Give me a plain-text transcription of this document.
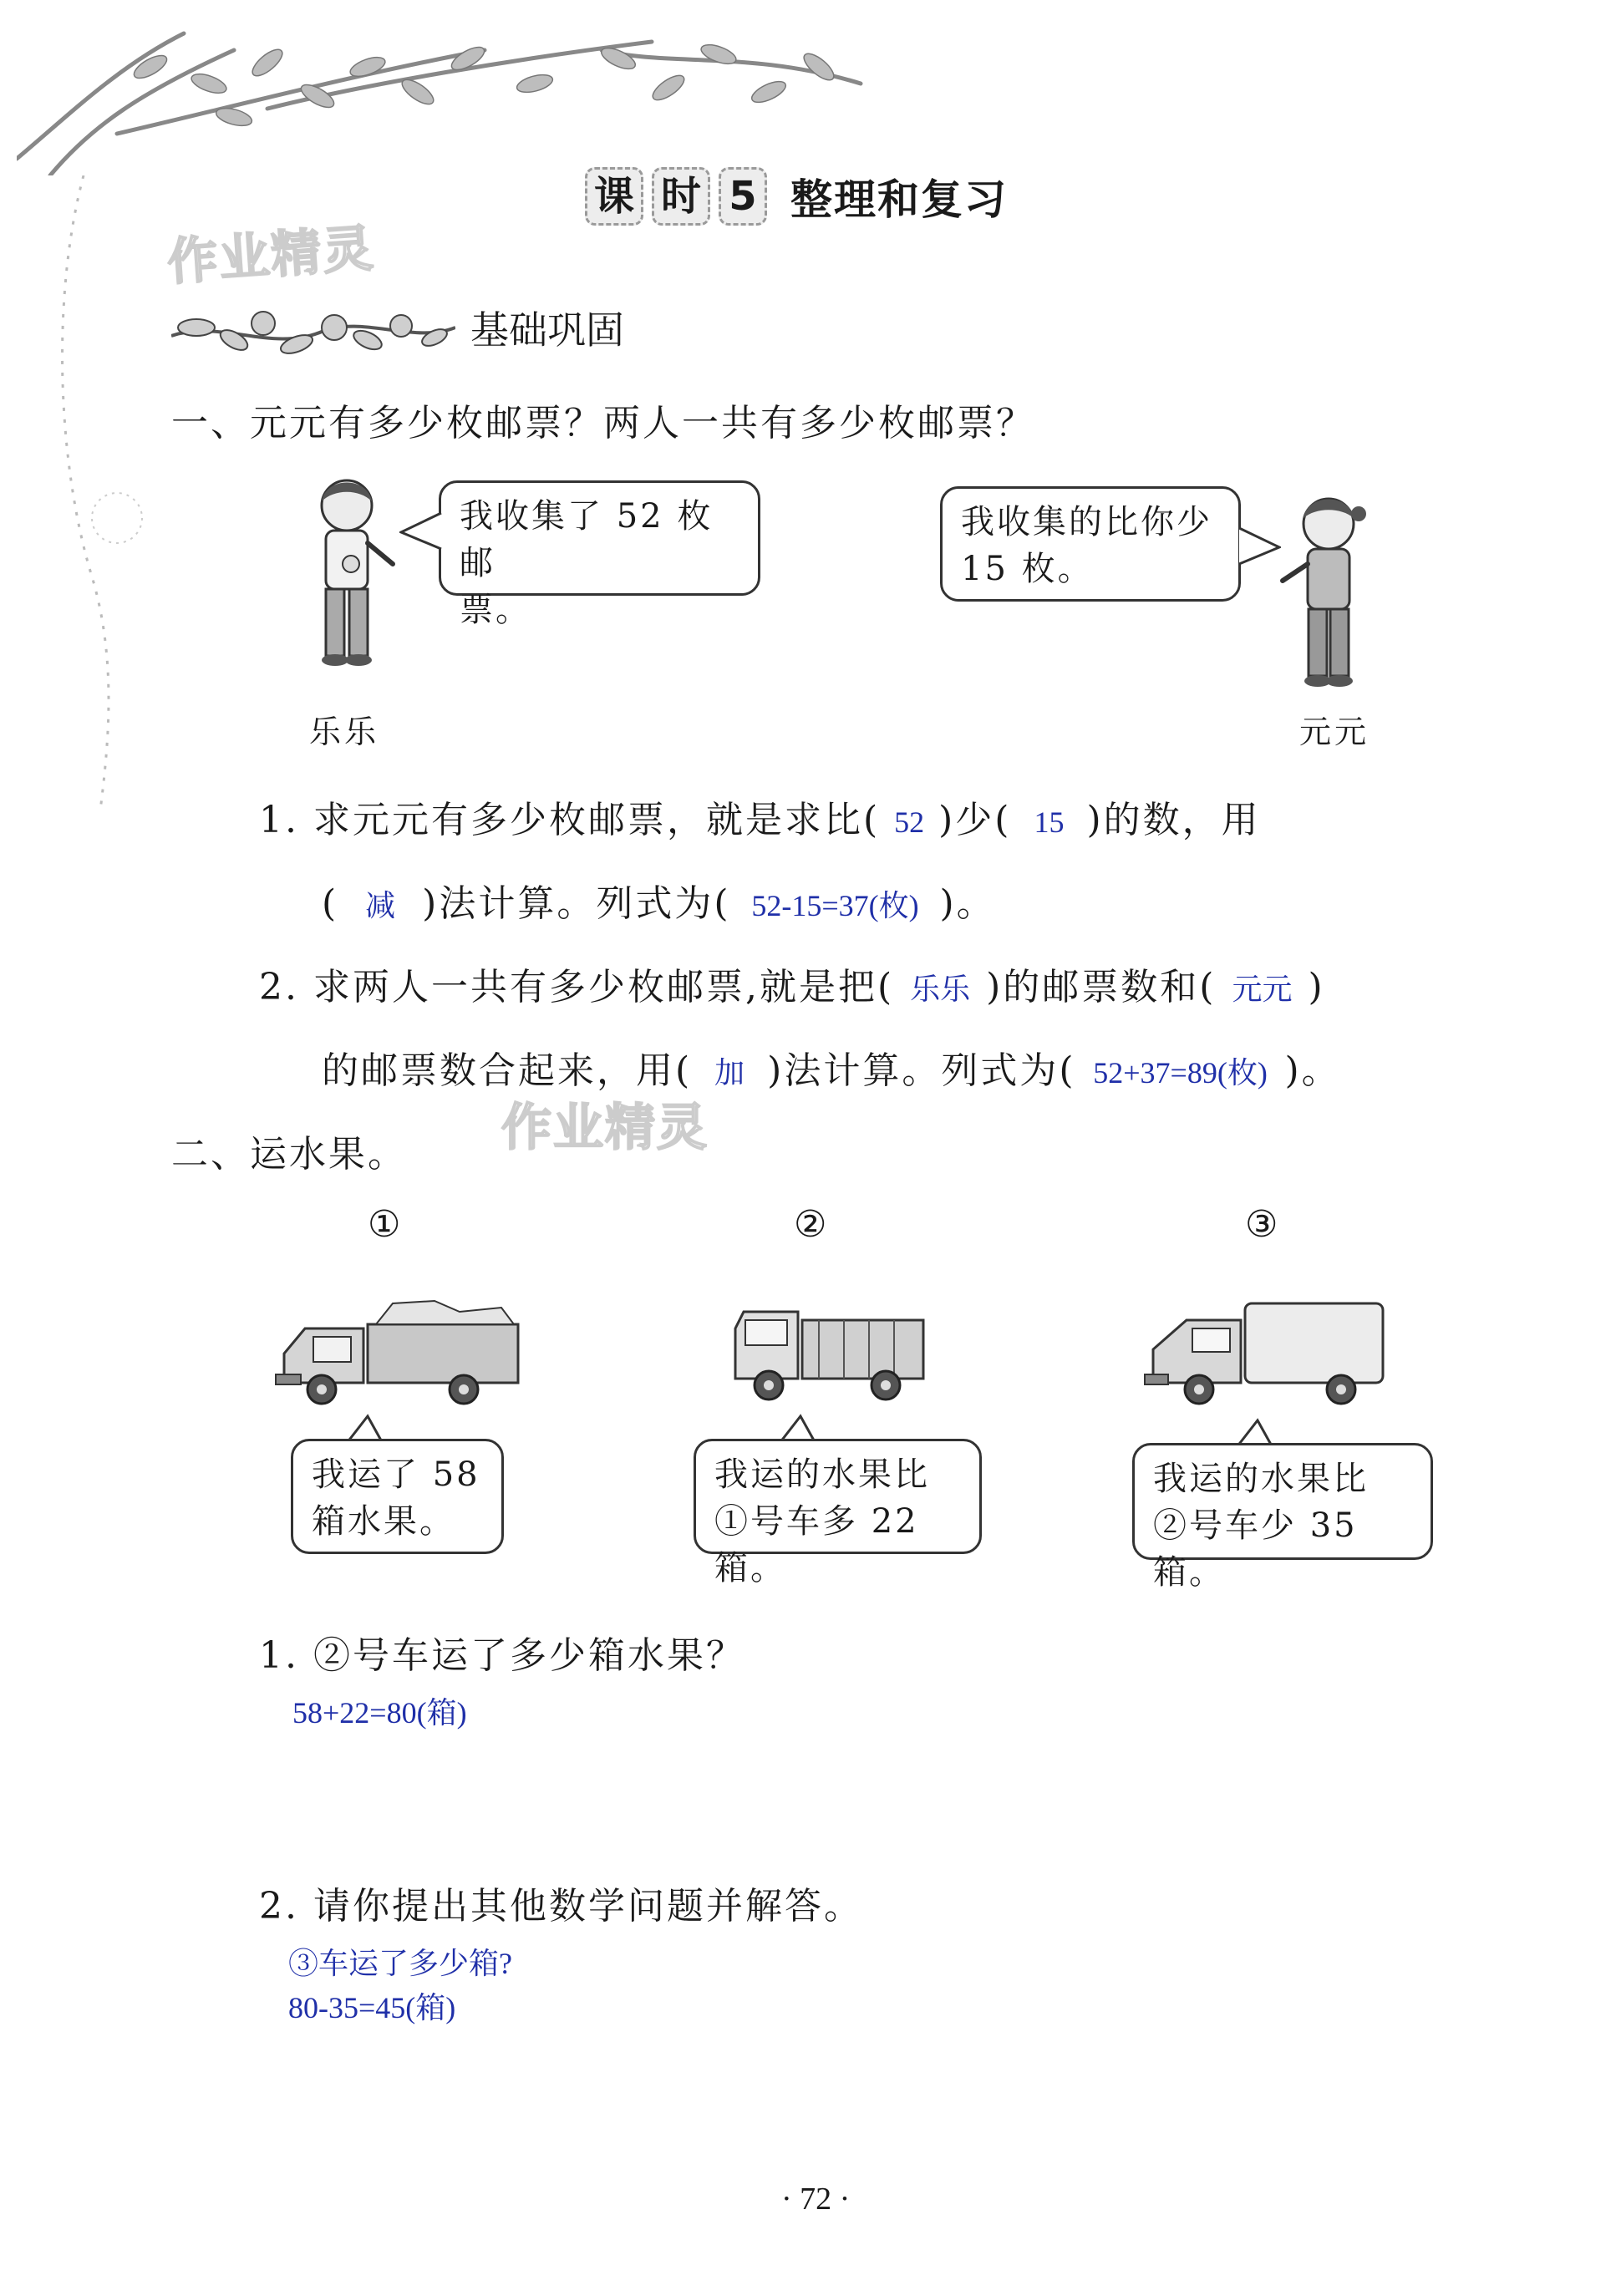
课 时 5 整理和复习
作业精灵
作业精灵
基础巩固
一、元元有多少枚邮票？两人一共有多少枚邮票？
我收集了 52 枚邮
票。
乐乐
我收集的比你少
15 枚。
元元
1. 求元元有多少枚邮票，就是求比( 52 )少( 15 )的数，用
( 减 )法计算。列式为( 52-15=37(枚) )。
2. 求两人一共有多少枚邮票,就是把( 乐乐 )的邮票数和( 元元 )
的邮票数合起来，用( 加 )法计算。列式为( 52+37=89(枚) )。
二、运水果。
①	②	③
我运了 58
箱水果。
我运的水果比
①号车多 22 箱。
我运的水果比
②号车少 35 箱。
1. ②号车运了多少箱水果？
58+22=80(箱)
2. 请你提出其他数学问题并解答。
③车运了多少箱?
80-35=45(箱)
· 72 ·
